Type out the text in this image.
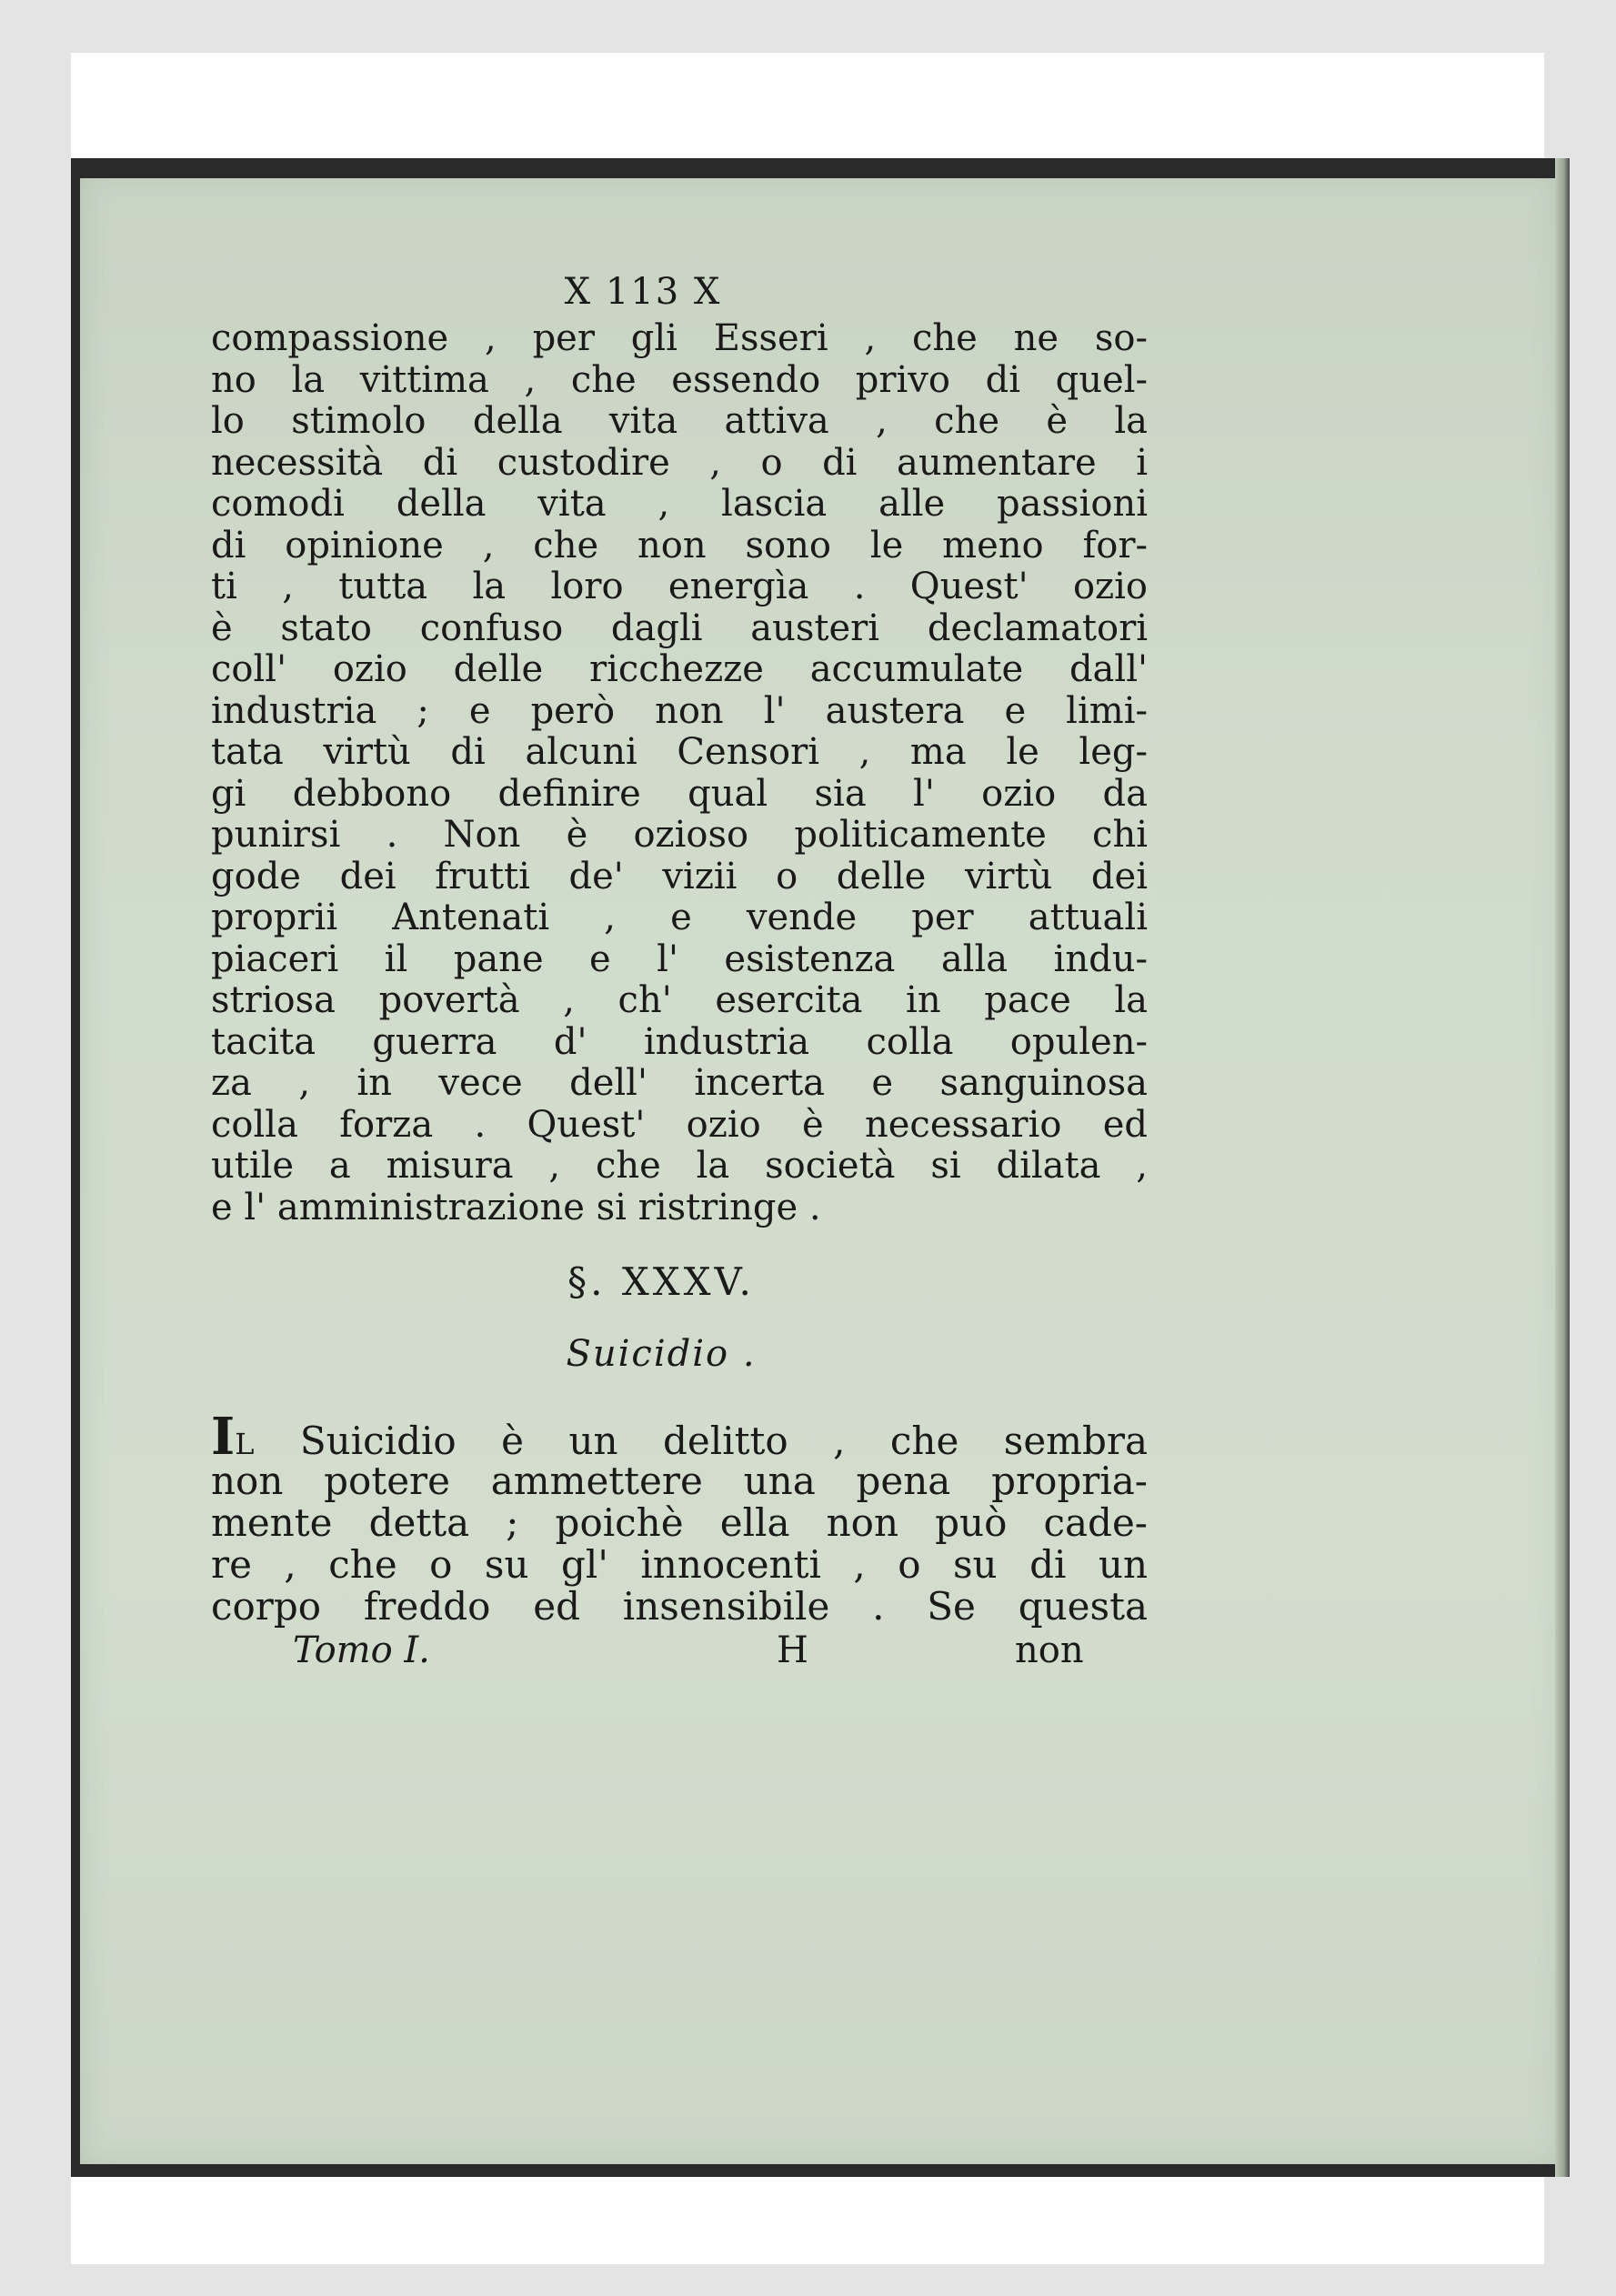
X 113 X
compassione , per gli Esseri , che ne so-
no la vittima , che essendo privo di quel-
lo stimolo della vita attiva , che è la
necessità di custodire , o di aumentare i
comodi della vita , lascia alle passioni
di opinione , che non sono le meno for-
ti , tutta la loro energìa . Quest' ozio
è stato confuso dagli austeri declamatori
coll' ozio delle ricchezze accumulate dall'
industria ; e però non l' austera e limi-
tata virtù di alcuni Censori , ma le leg-
gi debbono definire qual sia l' ozio da
punirsi . Non è ozioso politicamente chi
gode dei frutti de' vizii o delle virtù dei
proprii Antenati , e vende per attuali
piaceri il pane e l' esistenza alla indu-
striosa povertà , ch' esercita in pace la
tacita guerra d' industria colla opulen-
za , in vece dell' incerta e sanguinosa
colla forza . Quest' ozio è necessario ed
utile a misura , che la società si dilata ,
e l' amministrazione si ristringe .
§. XXXV.
Suicidio .
IL Suicidio è un delitto , che sembra
non potere ammettere una pena propria-
mente detta ; poichè ella non può cade-
re , che o su gl' innocenti , o su di un
corpo freddo ed insensibile . Se questa
Tomo I.	H	non
